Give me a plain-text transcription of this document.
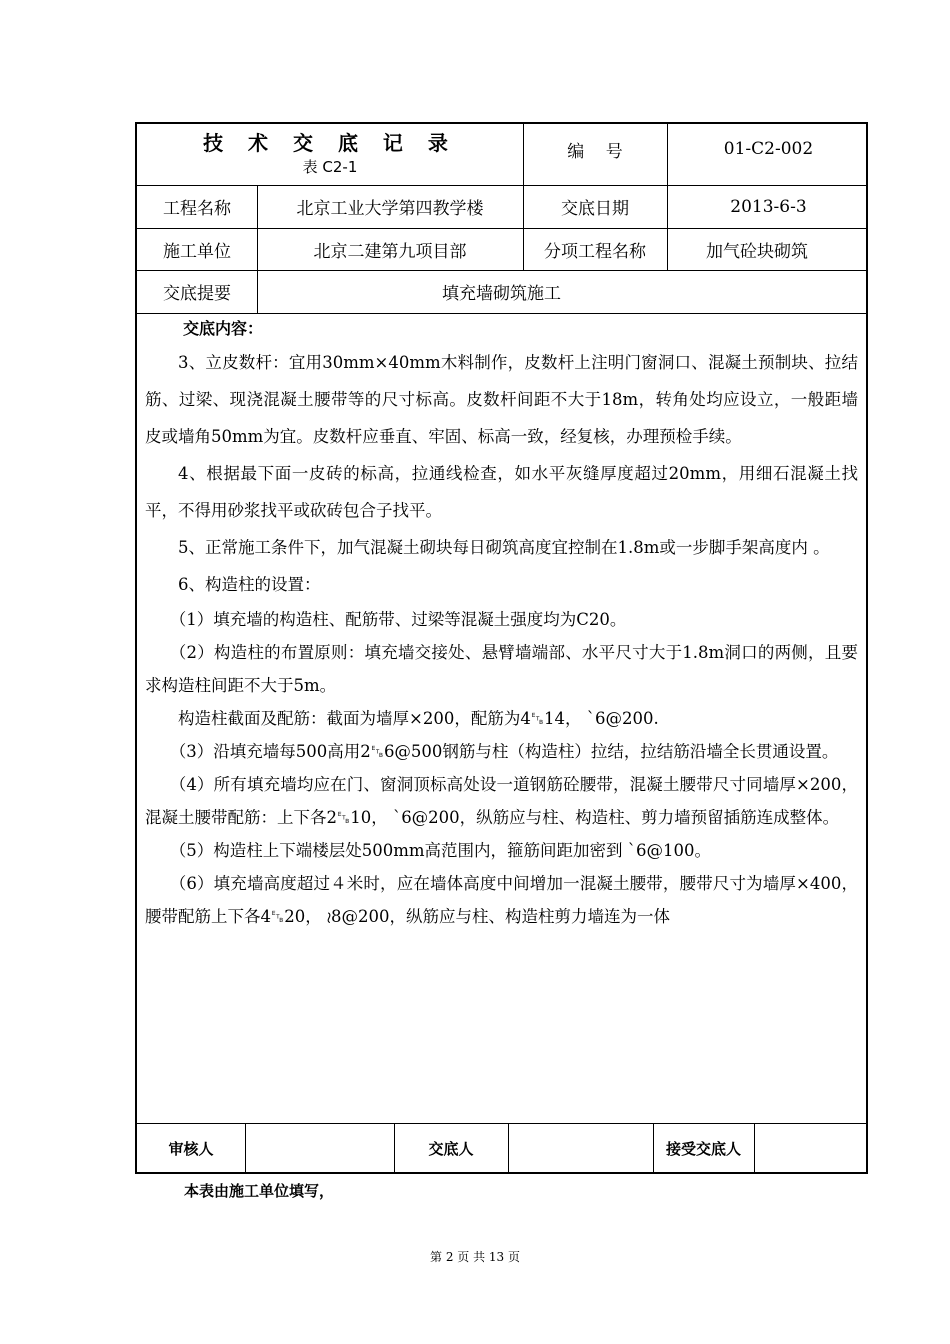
技 术 交 底 记 录
表 C2-1
编    号	01-C2-002
工程名称	北京工业大学第四教学楼	交底日期	2013-6-3
施工单位	北京二建第九项目部	分项工程名称	加气砼块砌筑
交底提要	填充墙砌筑施工
交底内容：

3、立皮数杆：宜用30mm×40mm木料制作，皮数杆上注明门窗洞口、混凝土预制块、拉结筋、过梁、现浇混凝土腰带等的尺寸标高。皮数杆间距不大于18m，转角处均应设立，一般距墙皮或墙角50mm为宜。皮数杆应垂直、牢固、标高一致，经复核，办理预检手续。

4、根据最下面一皮砖的标高，拉通线检查，如水平灰缝厚度超过20mm，用细石混凝土找平，不得用砂浆找平或砍砖包合子找平。

5、正常施工条件下，加气混凝土砌块每日砌筑高度宜控制在1.8m或一步脚手架高度内 。

6、构造柱的设置：

（1）填充墙的构造柱、配筋带、过梁等混凝土强度均为C20。

（2）构造柱的布置原则：填充墙交接处、悬臂墙端部、水平尺寸大于1.8m洞口的两侧，且要求构造柱间距不大于5m。

构造柱截面及配筋：截面为墙厚×200，配筋为4␗14， `6@200.

（3）沿填充墙每500高用2␗6@500钢筋与柱（构造柱）拉结，拉结筋沿墙全长贯通设置。

（4）所有填充墙均应在门、窗洞顶标高处设一道钢筋砼腰带，混凝土腰带尺寸同墙厚×200，混凝土腰带配筋：上下各2␗10， `6@200，纵筋应与柱、构造柱、剪力墙预留插筋连成整体。

（5）构造柱上下端楼层处500mm高范围内，箍筋间距加密到 `6@100。

（6）填充墙高度超过４米时，应在墙体高度中间增加一混凝土腰带，腰带尺寸为墙厚×400，腰带配筋上下各4␗20， ≀8@200，纵筋应与柱、构造柱剪力墙连为一体

审核人	交底人	接受交底人
本表由施工单位填写，
第 2 页 共 13 页
